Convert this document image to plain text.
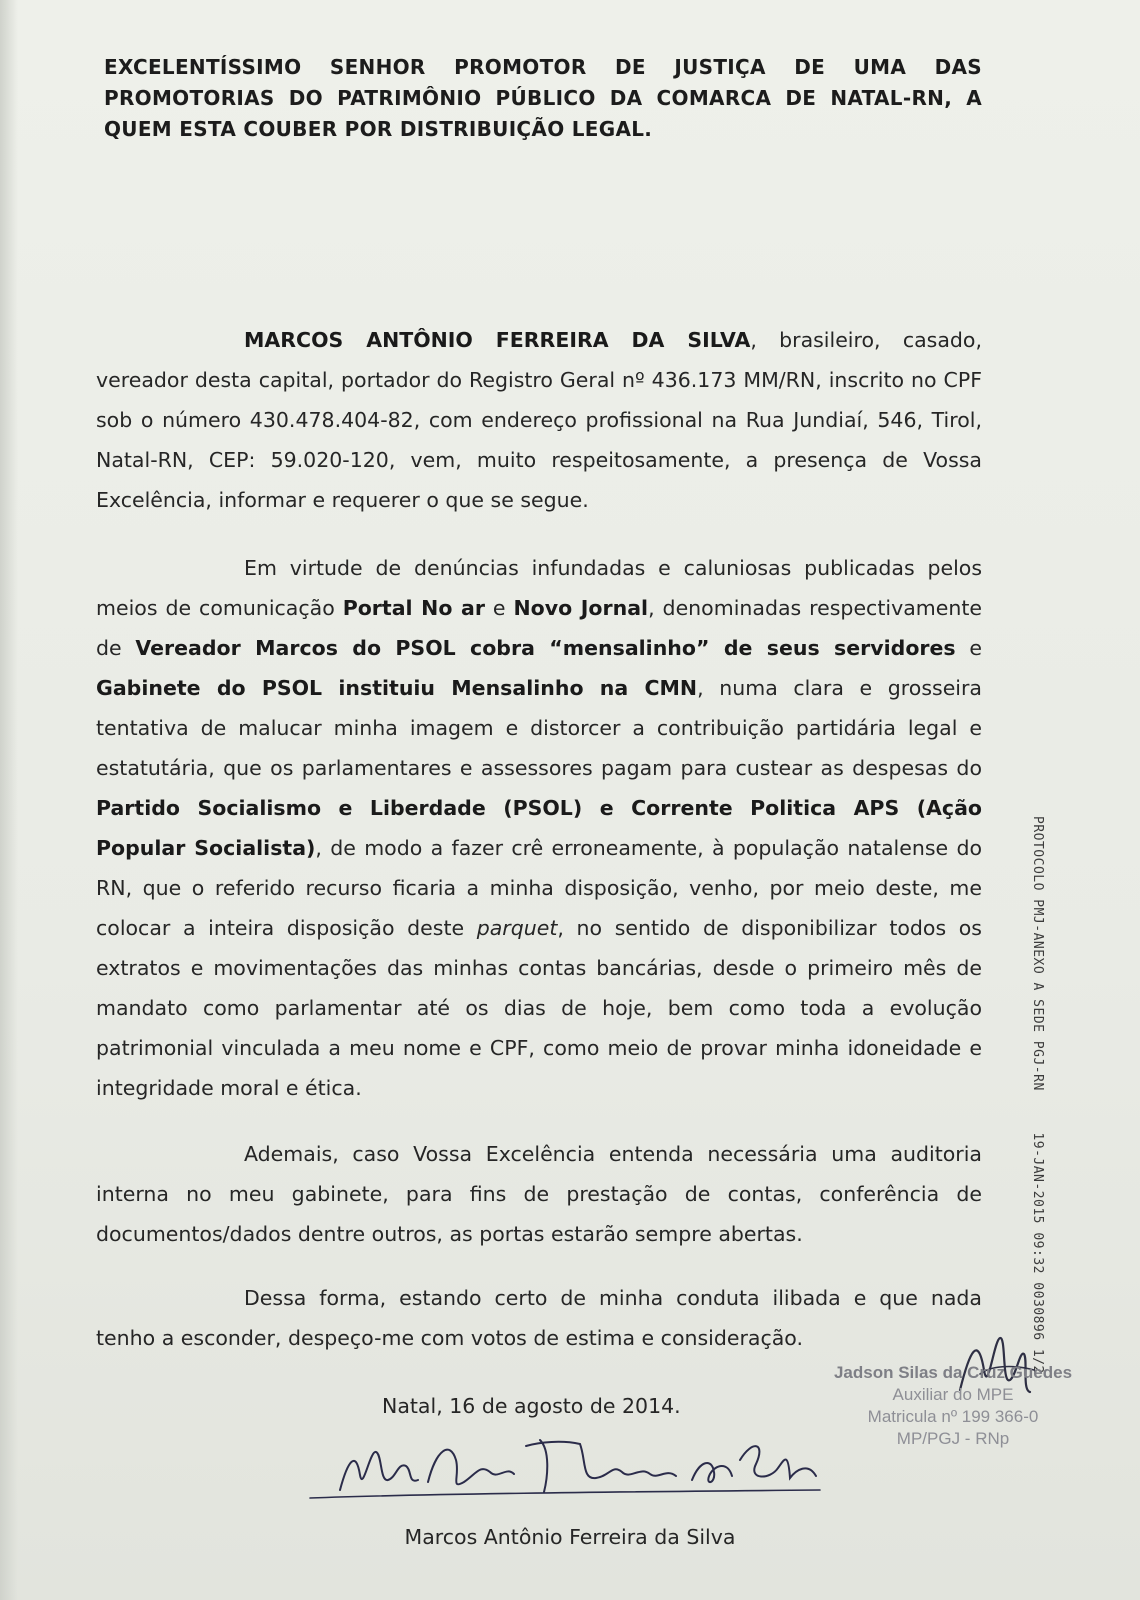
EXCELENTÍSSIMO SENHOR PROMOTOR DE JUSTIÇA DE UMA DAS PROMOTORIAS DO PATRIMÔNIO PÚBLICO DA COMARCA DE NATAL-RN, A QUEM ESTA COUBER POR DISTRIBUIÇÃO LEGAL.

MARCOS ANTÔNIO FERREIRA DA SILVA, brasileiro, casado, vereador desta capital, portador do Registro Geral nº 436.173 MM/RN, inscrito no CPF sob o número 430.478.404-82, com endereço profissional na Rua Jundiaí, 546, Tirol, Natal-RN, CEP: 59.020-120, vem, muito respeitosamente, a presença de Vossa Excelência, informar e requerer o que se segue.

Em virtude de denúncias infundadas e caluniosas publicadas pelos meios de comunicação Portal No ar e Novo Jornal, denominadas respectivamente de Vereador Marcos do PSOL cobra “mensalinho” de seus servidores e Gabinete do PSOL instituiu Mensalinho na CMN, numa clara e grosseira tentativa de malucar minha imagem e distorcer a contribuição partidária legal e estatutária, que os parlamentares e assessores pagam para custear as despesas do Partido Socialismo e Liberdade (PSOL) e Corrente Politica APS (Ação Popular Socialista), de modo a fazer crê erroneamente, à população natalense do RN, que o referido recurso ficaria a minha disposição, venho, por meio deste, me colocar a inteira disposição deste parquet, no sentido de disponibilizar todos os extratos e movimentações das minhas contas bancárias, desde o primeiro mês de mandato como parlamentar até os dias de hoje, bem como toda a evolução patrimonial vinculada a meu nome e CPF, como meio de provar minha idoneidade e integridade moral e ética.

Ademais, caso Vossa Excelência entenda necessária uma auditoria interna no meu gabinete, para fins de prestação de contas, conferência de documentos/dados dentre outros, as portas estarão sempre abertas.

Dessa forma, estando certo de minha conduta ilibada e que nada tenho a esconder, despeço-me com votos de estima e consideração.	PROTOCOLO PMJ-ANEXO A SEDE PGJ-RN     19-JAN-2015 09:32 0030896 1/2
Jadson Silas da Cruz Guedes
Auxiliar do MPE
Matricula nº 199 366-0
MP/PGJ - RNp
Natal, 16 de agosto de 2014.
Marcos Antônio Ferreira da Silva
